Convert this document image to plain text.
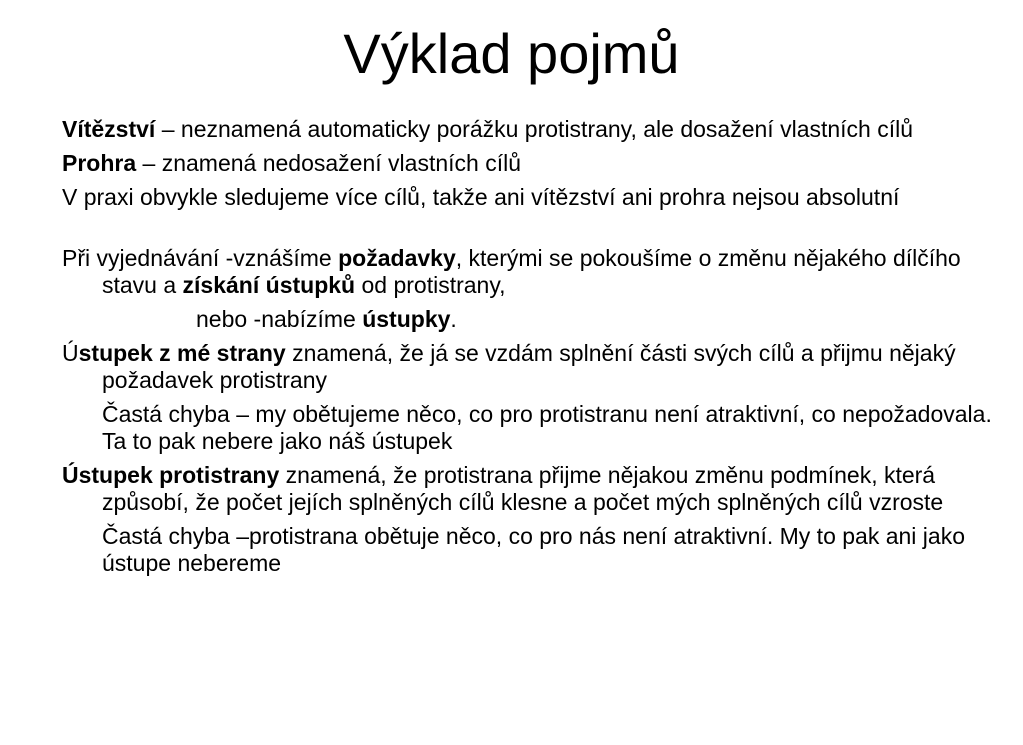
Výklad pojmů
Vítězství – neznamená automaticky porážku protistrany, ale dosažení vlastních cílů
Prohra – znamená nedosažení vlastních cílů
V praxi obvykle sledujeme více cílů, takže ani vítězství ani prohra nejsou absolutní
Při vyjednávání -vznášíme požadavky, kterými se pokoušíme o změnu nějakého dílčího stavu a získání ústupků od protistrany,
nebo -nabízíme ústupky.
Ústupek z mé strany znamená, že já se vzdám splnění části svých cílů a přijmu nějaký požadavek protistrany
Častá chyba – my obětujeme něco, co pro protistranu není atraktivní, co nepožadovala. Ta to pak nebere jako náš ústupek
Ústupek protistrany znamená, že protistrana přijme nějakou změnu podmínek, která způsobí, že počet jejích splněných cílů klesne a počet mých splněných cílů vzroste
Častá chyba –protistrana obětuje něco, co pro nás není atraktivní. My to pak ani jako ústupe nebereme
